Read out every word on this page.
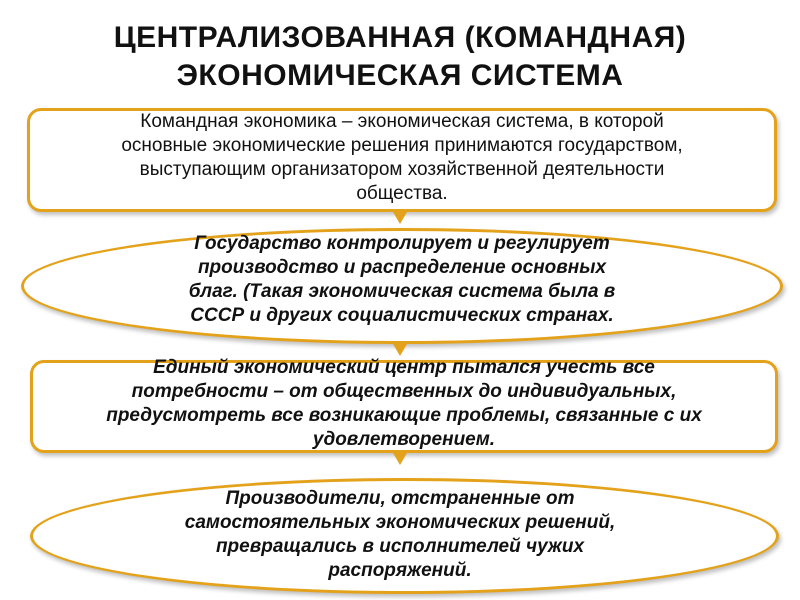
ЦЕНТРАЛИЗОВАННАЯ (КОМАНДНАЯ)
ЭКОНОМИЧЕСКАЯ СИСТЕМА
Командная экономика – экономическая система, в которой
основные экономические решения принимаются государством,
выступающим организатором хозяйственной деятельности
общества.
Государство контролирует и регулирует
производство и распределение основных
благ. (Такая экономическая система была в
СССР и других социалистических странах.
Единый экономический центр пытался учесть все
потребности – от общественных до индивидуальных,
предусмотреть все возникающие проблемы, связанные с их
удовлетворением.
Производители, отстраненные от
самостоятельных экономических решений,
превращались в исполнителей чужих
распоряжений.
